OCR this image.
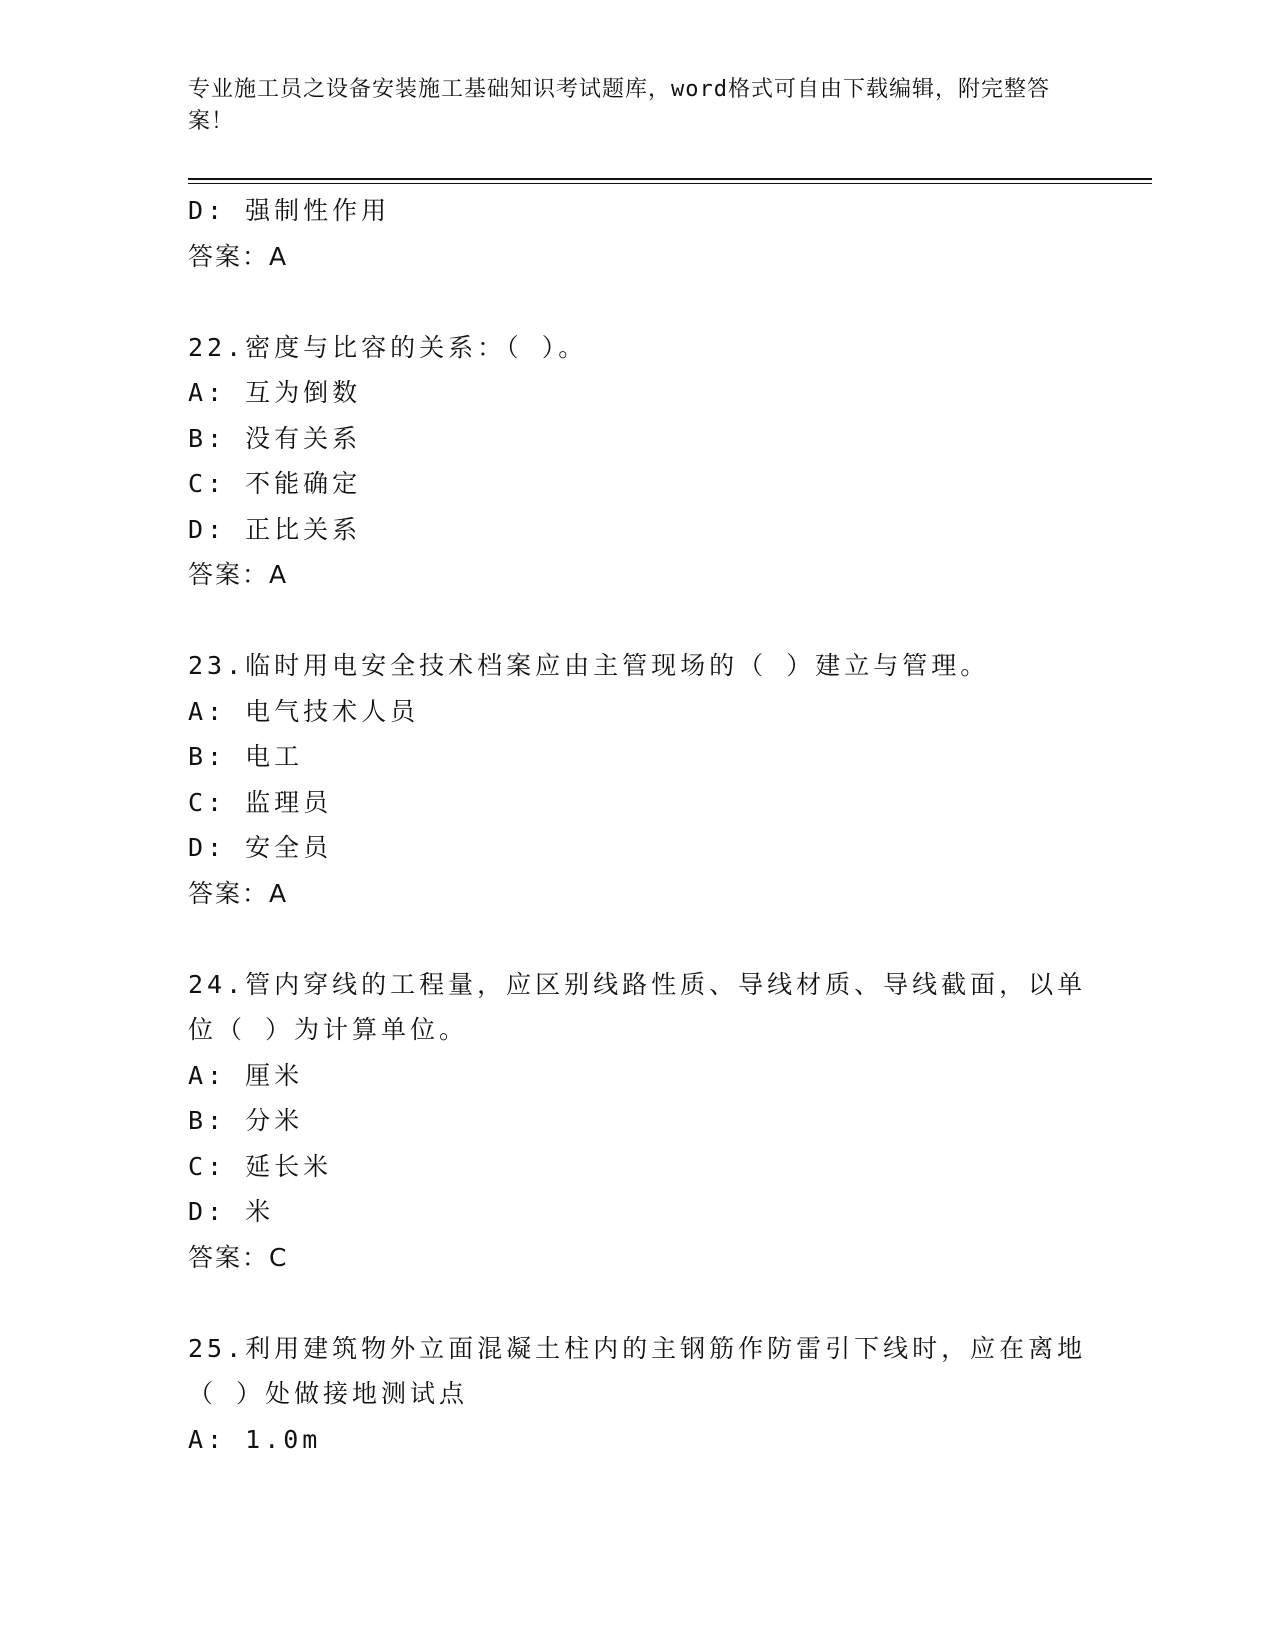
专业施工员之设备安装施工基础知识考试题库，word格式可自由下载编辑，附完整答案！
D: 强制性作用
答案：A
22.密度与比容的关系：（ ）。
A: 互为倒数
B: 没有关系
C: 不能确定
D: 正比关系
答案：A
23.临时用电安全技术档案应由主管现场的（ ）建立与管理。
A: 电气技术人员
B: 电工
C: 监理员
D: 安全员
答案：A
24.管内穿线的工程量，应区别线路性质、导线材质、导线截面，以单
位（ ）为计算单位。
A: 厘米
B: 分米
C: 延长米
D: 米
答案：C
25.利用建筑物外立面混凝土柱内的主钢筋作防雷引下线时，应在离地
（ ）处做接地测试点
A: 1.0m
